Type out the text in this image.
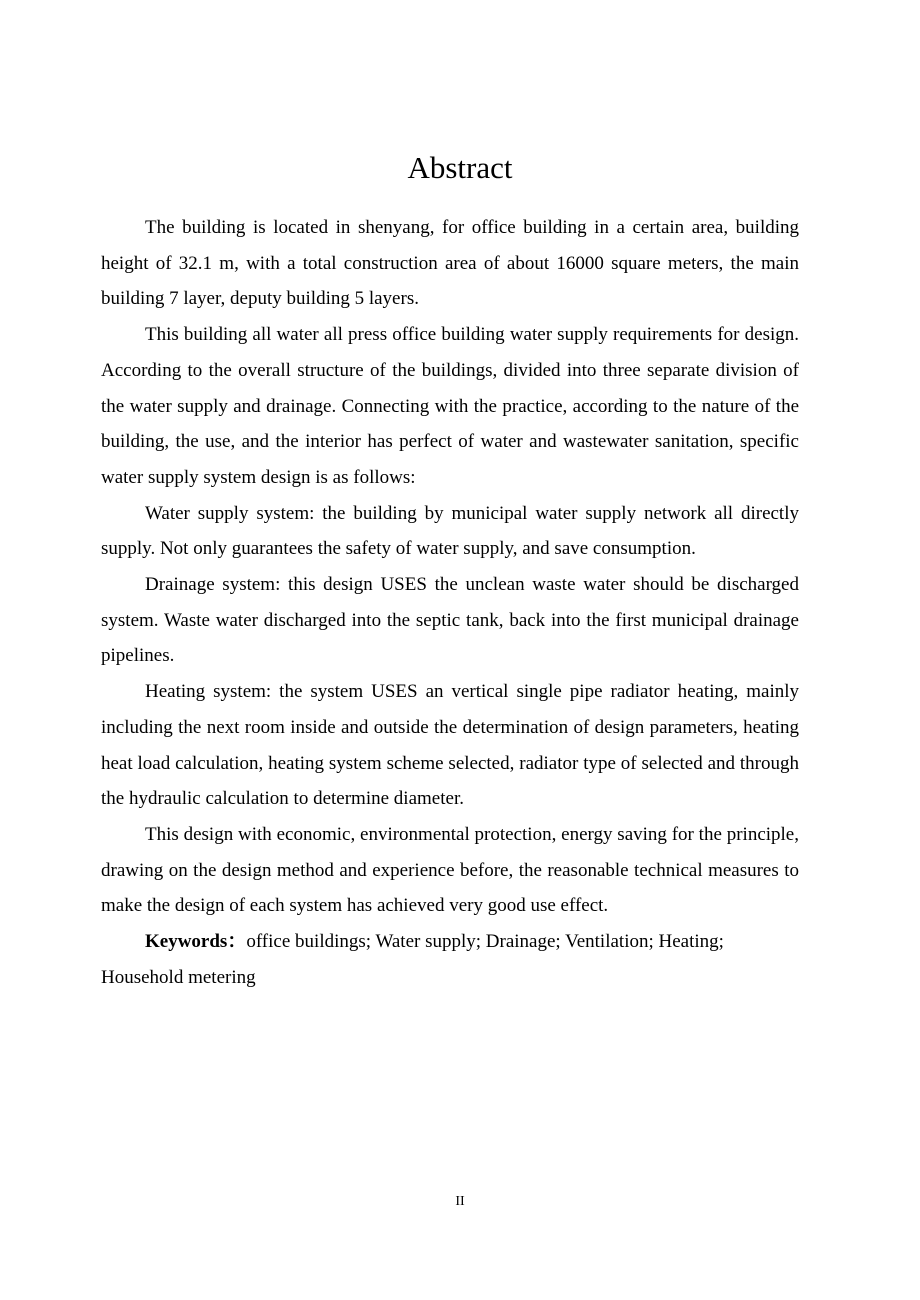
Abstract

The building is located in shenyang, for office building in a certain area, building height of 32.1 m, with a total construction area of about 16000 square meters, the main building 7 layer, deputy building 5 layers.

This building all water all press office building water supply requirements for design. According to the overall structure of the buildings, divided into three separate division of the water supply and drainage. Connecting with the practice, according to the nature of the building, the use, and the interior has perfect of water and wastewater sanitation, specific water supply system design is as follows:

Water supply system: the building by municipal water supply network all directly supply. Not only guarantees the safety of water supply, and save consumption.

Drainage system: this design USES the unclean waste water should be discharged system. Waste water discharged into the septic tank, back into the first municipal drainage pipelines.

Heating system: the system USES an vertical single pipe radiator heating, mainly including the next room inside and outside the determination of design parameters, heating heat load calculation, heating system scheme selected, radiator type of selected and through the hydraulic calculation to determine diameter.

This design with economic, environmental protection, energy saving for the principle, drawing on the design method and experience before, the reasonable technical measures to make the design of each system has achieved very good use effect.

Keywords：office buildings; Water supply; Drainage; Ventilation; Heating; Household metering

II
